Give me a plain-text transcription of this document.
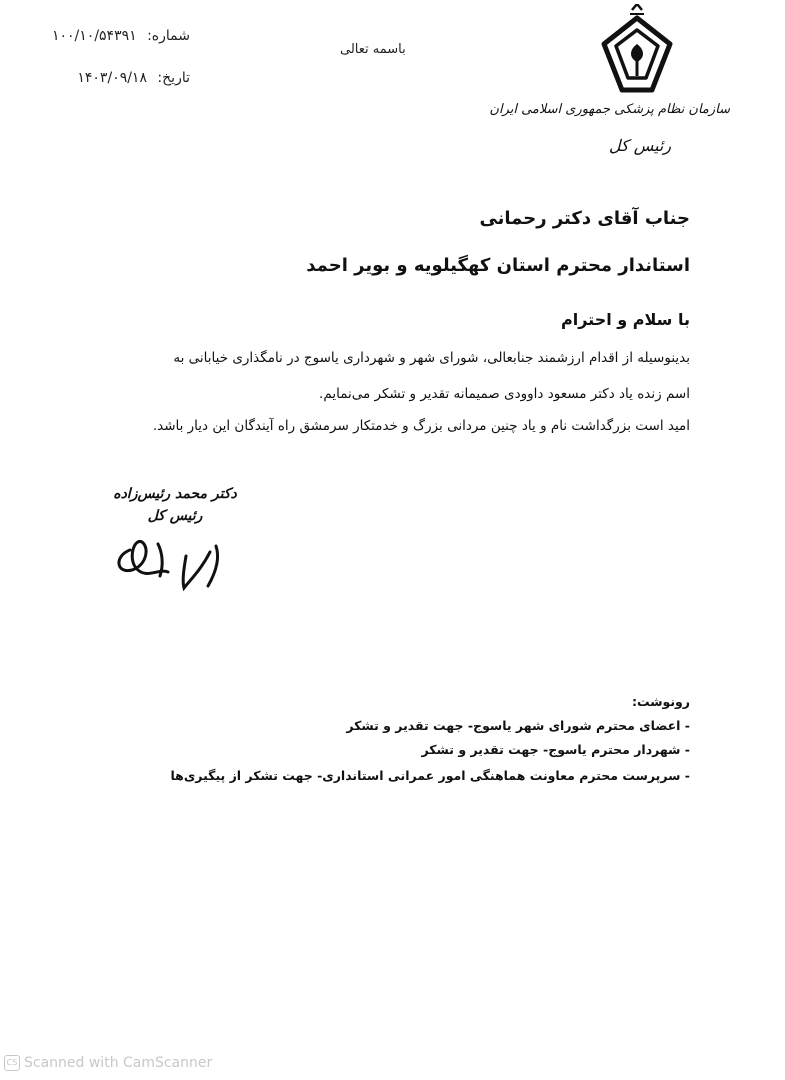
شماره: ۱۰۰/۱۰/۵۴۳۹۱
تاریخ: ۱۴۰۳/۰۹/۱۸
باسمه تعالی
سازمان نظام پزشکی جمهوری اسلامی ایران
رئیس کل
جناب آقای دکتر رحمانی
استاندار محترم استان کهگیلویه و بویر احمد
با سلام و احترام
بدینوسیله از اقدام ارزشمند جنابعالی، شورای شهر و شهرداری یاسوج در نامگذاری خیابانی به
اسم زنده یاد دکتر مسعود داوودی صمیمانه تقدیر و تشکر می‌نمایم.
امید است بزرگداشت نام و یاد چنین مردانی بزرگ و خدمتکار سرمشق راه آیندگان این دیار باشد.
دکتر محمد رئیس‌زاده
رئیس کل
رونوشت:
- اعضای محترم شورای شهر یاسوج- جهت تقدیر و تشکر
- شهردار محترم یاسوج- جهت تقدیر و تشکر
- سرپرست محترم معاونت هماهنگی امور عمرانی استانداری- جهت تشکر از پیگیری‌ها
CS Scanned with CamScanner
